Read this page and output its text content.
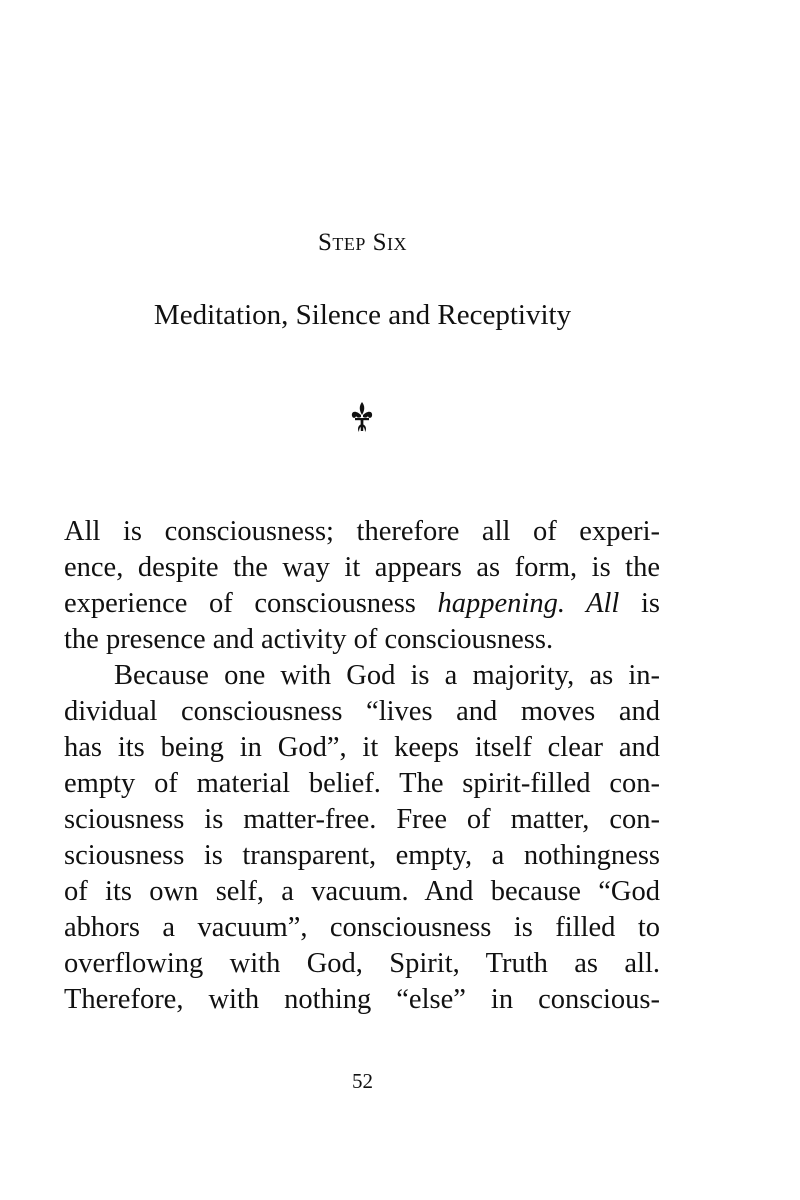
Step Six
Meditation, Silence and Receptivity
All is consciousness; therefore all of experi-
ence, despite the way it appears as form, is the
experience of consciousness happening. All is
the presence and activity of consciousness.
Because one with God is a majority, as in-
dividual consciousness “lives and moves and
has its being in God”, it keeps itself clear and
empty of material belief. The spirit-filled con-
sciousness is matter-free. Free of matter, con-
sciousness is transparent, empty, a nothingness
of its own self, a vacuum. And because “God
abhors a vacuum”, consciousness is filled to
overflowing with God, Spirit, Truth as all.
Therefore, with nothing “else” in conscious-
52
